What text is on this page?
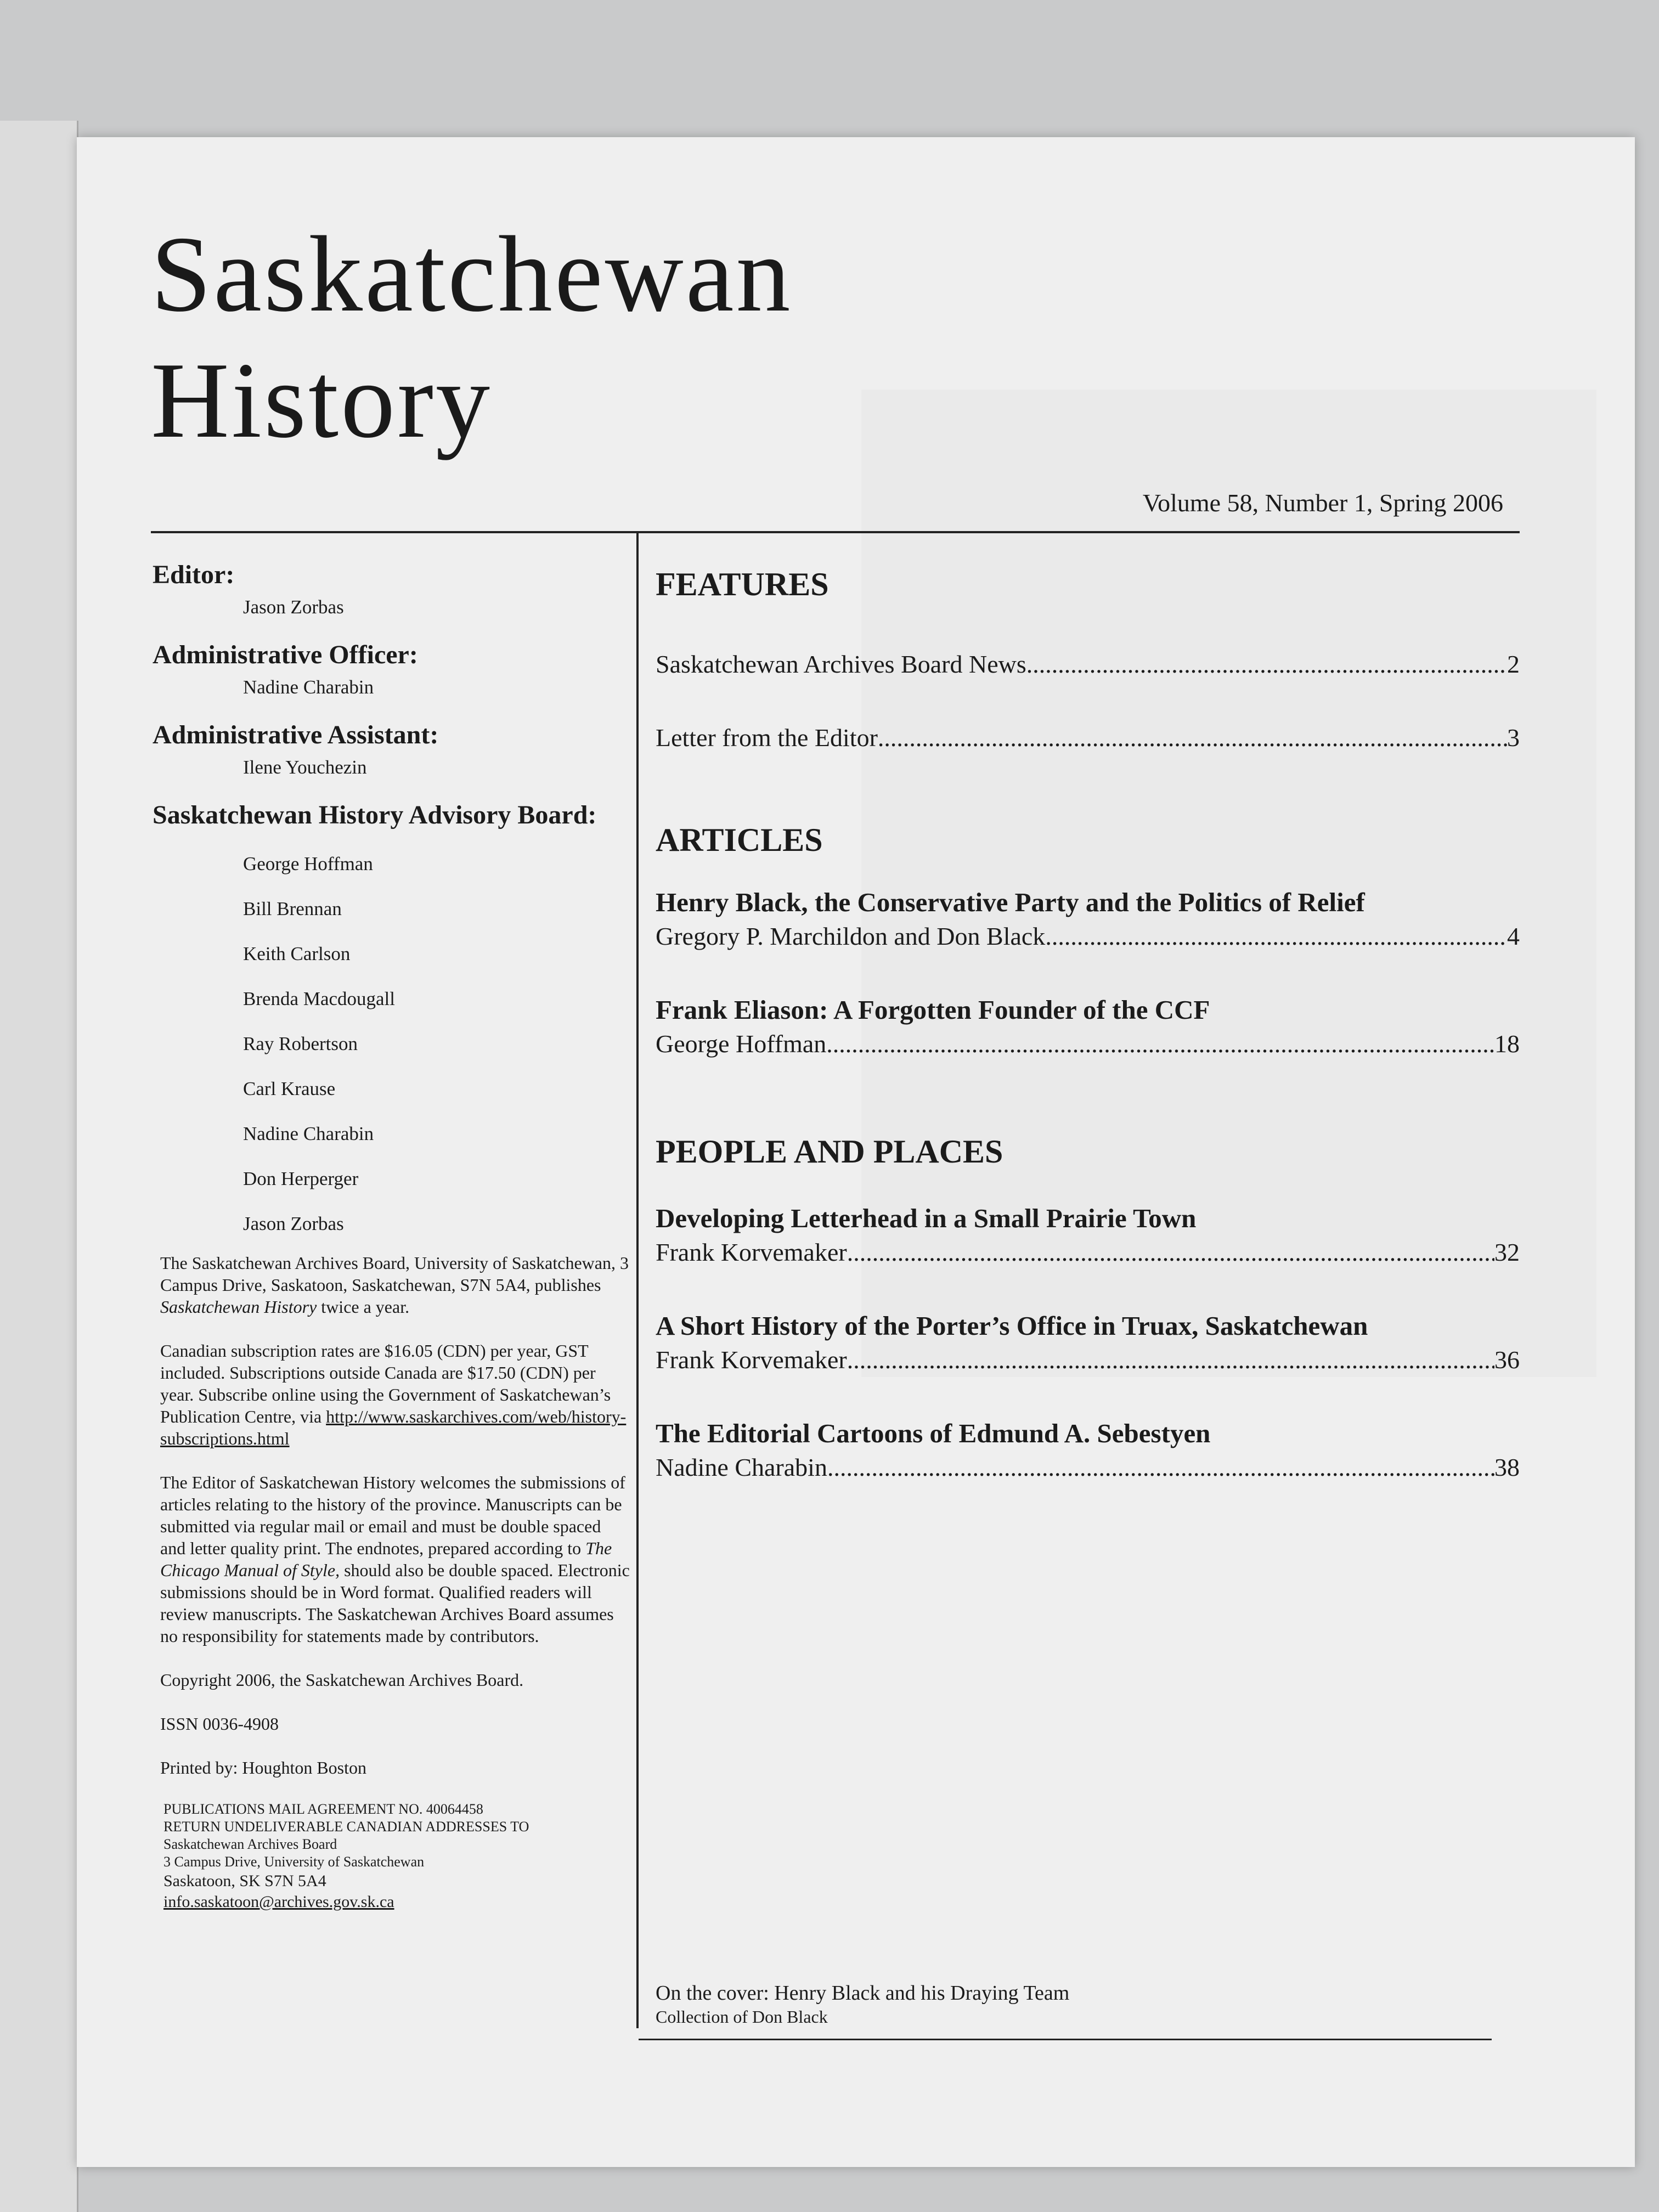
Saskatchewan
History
Volume 58, Number 1, Spring 2006
Editor:
Jason Zorbas
Administrative Officer:
Nadine Charabin
Administrative Assistant:
Ilene Youchezin
Saskatchewan History Advisory Board:
George Hoffman
Bill Brennan
Keith Carlson
Brenda Macdougall
Ray Robertson
Carl Krause
Nadine Charabin
Don Herperger
Jason Zorbas

The Saskatchewan Archives Board, University of Saskatchewan, 3 Campus Drive, Saskatoon, Saskatchewan, S7N 5A4, publishes Saskatchewan History twice a year.

Canadian subscription rates are $16.05 (CDN) per year, GST included. Subscriptions outside Canada are $17.50 (CDN) per year. Subscribe online using the Government of Saskatchewan’s Publication Centre, via http://www.saskarchives.com/web/history-subscriptions.html

The Editor of Saskatchewan History welcomes the submissions of articles relating to the history of the province. Manuscripts can be submitted via regular mail or email and must be double spaced and letter quality print. The endnotes, prepared according to The Chicago Manual of Style, should also be double spaced. Electronic submissions should be in Word format. Qualified readers will review manuscripts. The Saskatchewan Archives Board assumes no responsibility for statements made by contributors.

Copyright 2006, the Saskatchewan Archives Board.

ISSN 0036-4908

Printed by: Houghton Boston

PUBLICATIONS MAIL AGREEMENT NO. 40064458
RETURN UNDELIVERABLE CANADIAN ADDRESSES TO
Saskatchewan Archives Board
3 Campus Drive, University of Saskatchewan
Saskatoon, SK S7N 5A4
info.saskatoon@archives.gov.sk.ca
FEATURES
Saskatchewan Archives Board News .....	2
Letter from the Editor .....	3
ARTICLES
Henry Black, the Conservative Party and the Politics of Relief
Gregory P. Marchildon and Don Black .....	4
Frank Eliason: A Forgotten Founder of the CCF
George Hoffman .....	18
PEOPLE AND PLACES
Developing Letterhead in a Small Prairie Town
Frank Korvemaker .....	32
A Short History of the Porter’s Office in Truax, Saskatchewan
Frank Korvemaker .....	36
The Editorial Cartoons of Edmund A. Sebestyen
Nadine Charabin .....	38
On the cover: Henry Black and his Draying Team
Collection of Don Black
